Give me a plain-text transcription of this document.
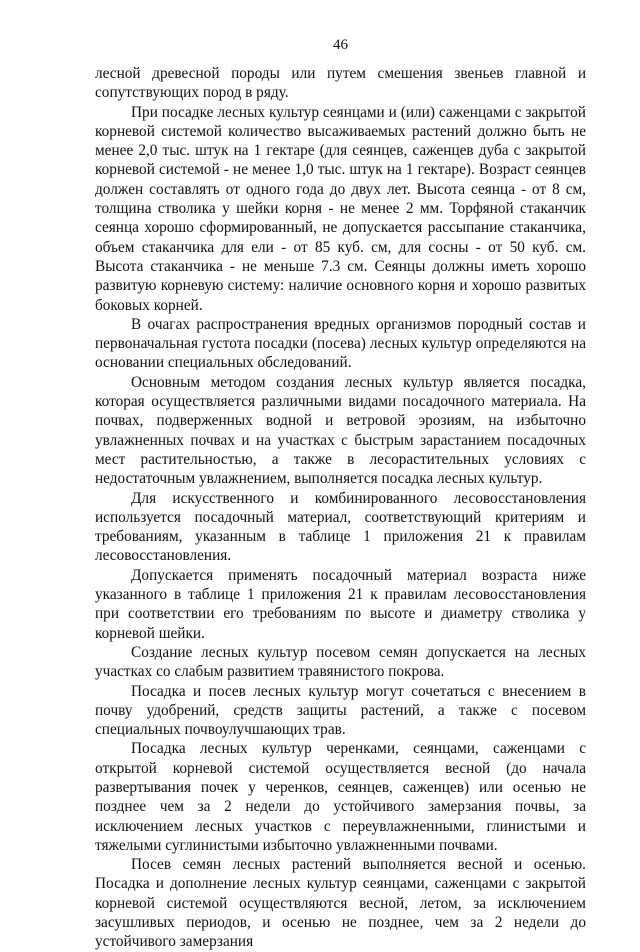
46

лесной древесной породы или путем смешения звеньев главной и сопутствующих пород в ряду.

При посадке лесных культур сеянцами и (или) саженцами с закрытой корневой системой количество высаживаемых растений должно быть не менее 2,0 тыс. штук на 1 гектаре (для сеянцев, саженцев дуба с закрытой корневой системой - не менее 1,0 тыс. штук на 1 гектаре). Возраст сеянцев должен составлять от одного года до двух лет. Высота сеянца - от 8 см, толщина стволика у шейки корня - не менее 2 мм. Торфяной стаканчик сеянца хорошо сформированный, не допускается рассыпание стаканчика, объем стаканчика для ели - от 85 куб. см, для сосны - от 50 куб. см. Высота стаканчика - не меньше 7.3 см. Сеянцы должны иметь хорошо развитую корневую систему: наличие основного корня и хорошо развитых боковых корней.

В очагах распространения вредных организмов породный состав и первоначальная густота посадки (посева) лесных культур определяются на основании специальных обследований.

Основным методом создания лесных культур является посадка, которая осуществляется различными видами посадочного материала. На почвах, подверженных водной и ветровой эрозиям, на избыточно увлажненных почвах и на участках с быстрым зарастанием посадочных мест растительностью, а также в лесорастительных условиях с недостаточным увлажнением, выполняется посадка лесных культур.

Для искусственного и комбинированного лесовосстановления используется посадочный материал, соответствующий критериям и требованиям, указанным в таблице 1 приложения 21 к правилам лесовосстановления.

Допускается применять посадочный материал возраста ниже указанного в таблице 1 приложения 21 к правилам лесовосстановления при соответствии его требованиям по высоте и диаметру стволика у корневой шейки.

Создание лесных культур посевом семян допускается на лесных участках со слабым развитием травянистого покрова.

Посадка и посев лесных культур могут сочетаться с внесением в почву удобрений, средств защиты растений, а также с посевом специальных почвоулучшающих трав.

Посадка лесных культур черенками, сеянцами, саженцами с открытой корневой системой осуществляется весной (до начала развертывания почек у черенков, сеянцев, саженцев) или осенью не позднее чем за 2 недели до устойчивого замерзания почвы, за исключением лесных участков с переувлажненными, глинистыми и тяжелыми суглинистыми избыточно увлажненными почвами.

Посев семян лесных растений выполняется весной и осенью. Посадка и дополнение лесных культур сеянцами, саженцами с закрытой корневой системой осуществляются весной, летом, за исключением засушливых периодов, и осенью не позднее, чем за 2 недели до устойчивого замерзания
